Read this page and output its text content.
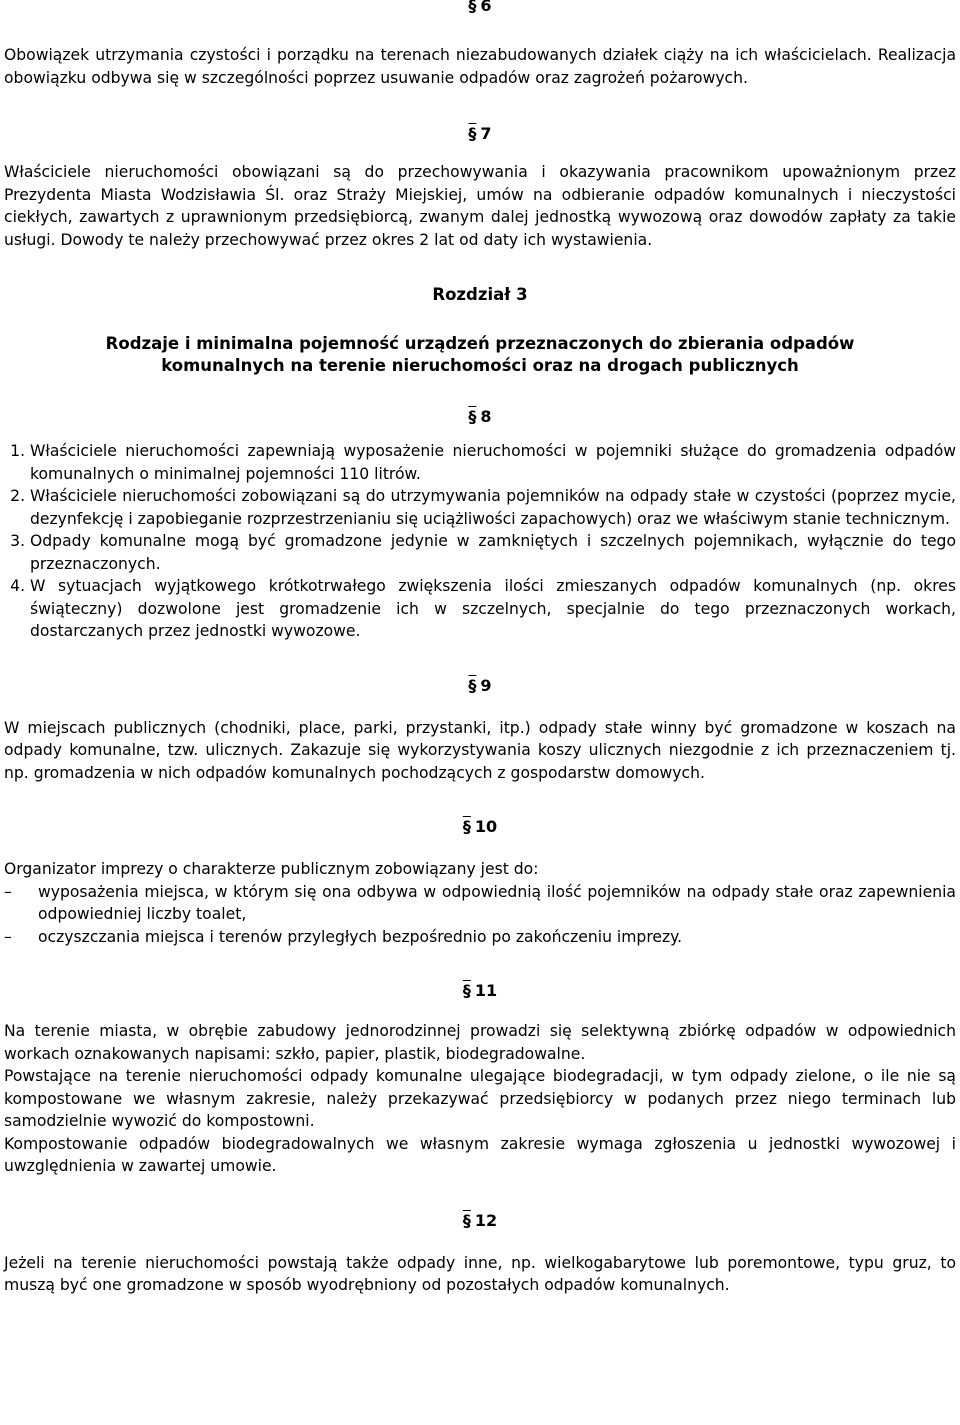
§ 6

Obowiązek utrzymania czystości i porządku na terenach niezabudowanych działek ciąży na ich właścicielach. Realizacja obowiązku odbywa się w szczególności poprzez usuwanie odpadów oraz zagrożeń pożarowych.

§ 7

Właściciele nieruchomości obowiązani są do przechowywania i okazywania pracownikom upoważnionym przez Prezydenta Miasta Wodzisławia Śl. oraz Straży Miejskiej, umów na odbieranie odpadów komunalnych i nieczystości ciekłych, zawartych z uprawnionym przedsiębiorcą, zwanym dalej jednostką wywozową oraz dowodów zapłaty za takie usługi. Dowody te należy przechowywać przez okres 2 lat od daty ich wystawienia.

Rozdział 3

Rodzaje i minimalna pojemność urządzeń przeznaczonych do zbierania odpadów

komunalnych na terenie nieruchomości oraz na drogach publicznych

§ 8
1. Właściciele nieruchomości zapewniają wyposażenie nieruchomości w pojemniki służące do gromadzenia odpadów komunalnych o minimalnej pojemności 110 litrów.
2. Właściciele nieruchomości zobowiązani są do utrzymywania pojemników na odpady stałe w czystości (poprzez mycie, dezynfekcję i zapobieganie rozprzestrzenianiu się uciążliwości zapachowych) oraz we właściwym stanie technicznym.
3. Odpady komunalne mogą być gromadzone jedynie w zamkniętych i szczelnych pojemnikach, wyłącznie do tego przeznaczonych.
4. W sytuacjach wyjątkowego krótkotrwałego zwiększenia ilości zmieszanych odpadów komunalnych (np. okres świąteczny) dozwolone jest gromadzenie ich w szczelnych, specjalnie do tego przeznaczonych workach, dostarczanych przez jednostki wywozowe.
§ 9

W miejscach publicznych (chodniki, place, parki, przystanki, itp.) odpady stałe winny być gromadzone w koszach na odpady komunalne, tzw. ulicznych. Zakazuje się wykorzystywania koszy ulicznych niezgodnie z ich przeznaczeniem tj. np. gromadzenia w nich odpadów komunalnych pochodzących z gospodarstw domowych.

§ 10

Organizator imprezy o charakterze publicznym zobowiązany jest do:

– wyposażenia miejsca, w którym się ona odbywa w odpowiednią ilość pojemników na odpady stałe oraz zapewnienia odpowiedniej liczby toalet,
– oczyszczania miejsca i terenów przyległych bezpośrednio po zakończeniu imprezy.
§ 11

Na terenie miasta, w obrębie zabudowy jednorodzinnej prowadzi się selektywną zbiórkę odpadów w odpowiednich workach oznakowanych napisami: szkło, papier, plastik, biodegradowalne.

Powstające na terenie nieruchomości odpady komunalne ulegające biodegradacji, w tym odpady zielone, o ile nie są kompostowane we własnym zakresie, należy przekazywać przedsiębiorcy w podanych przez niego terminach lub samodzielnie wywozić do kompostowni.

Kompostowanie odpadów biodegradowalnych we własnym zakresie wymaga zgłoszenia u jednostki wywozowej i uwzględnienia w zawartej umowie.

§ 12

Jeżeli na terenie nieruchomości powstają także odpady inne, np. wielkogabarytowe lub poremontowe, typu gruz, to muszą być one gromadzone w sposób wyodrębniony od pozostałych odpadów komunalnych.
